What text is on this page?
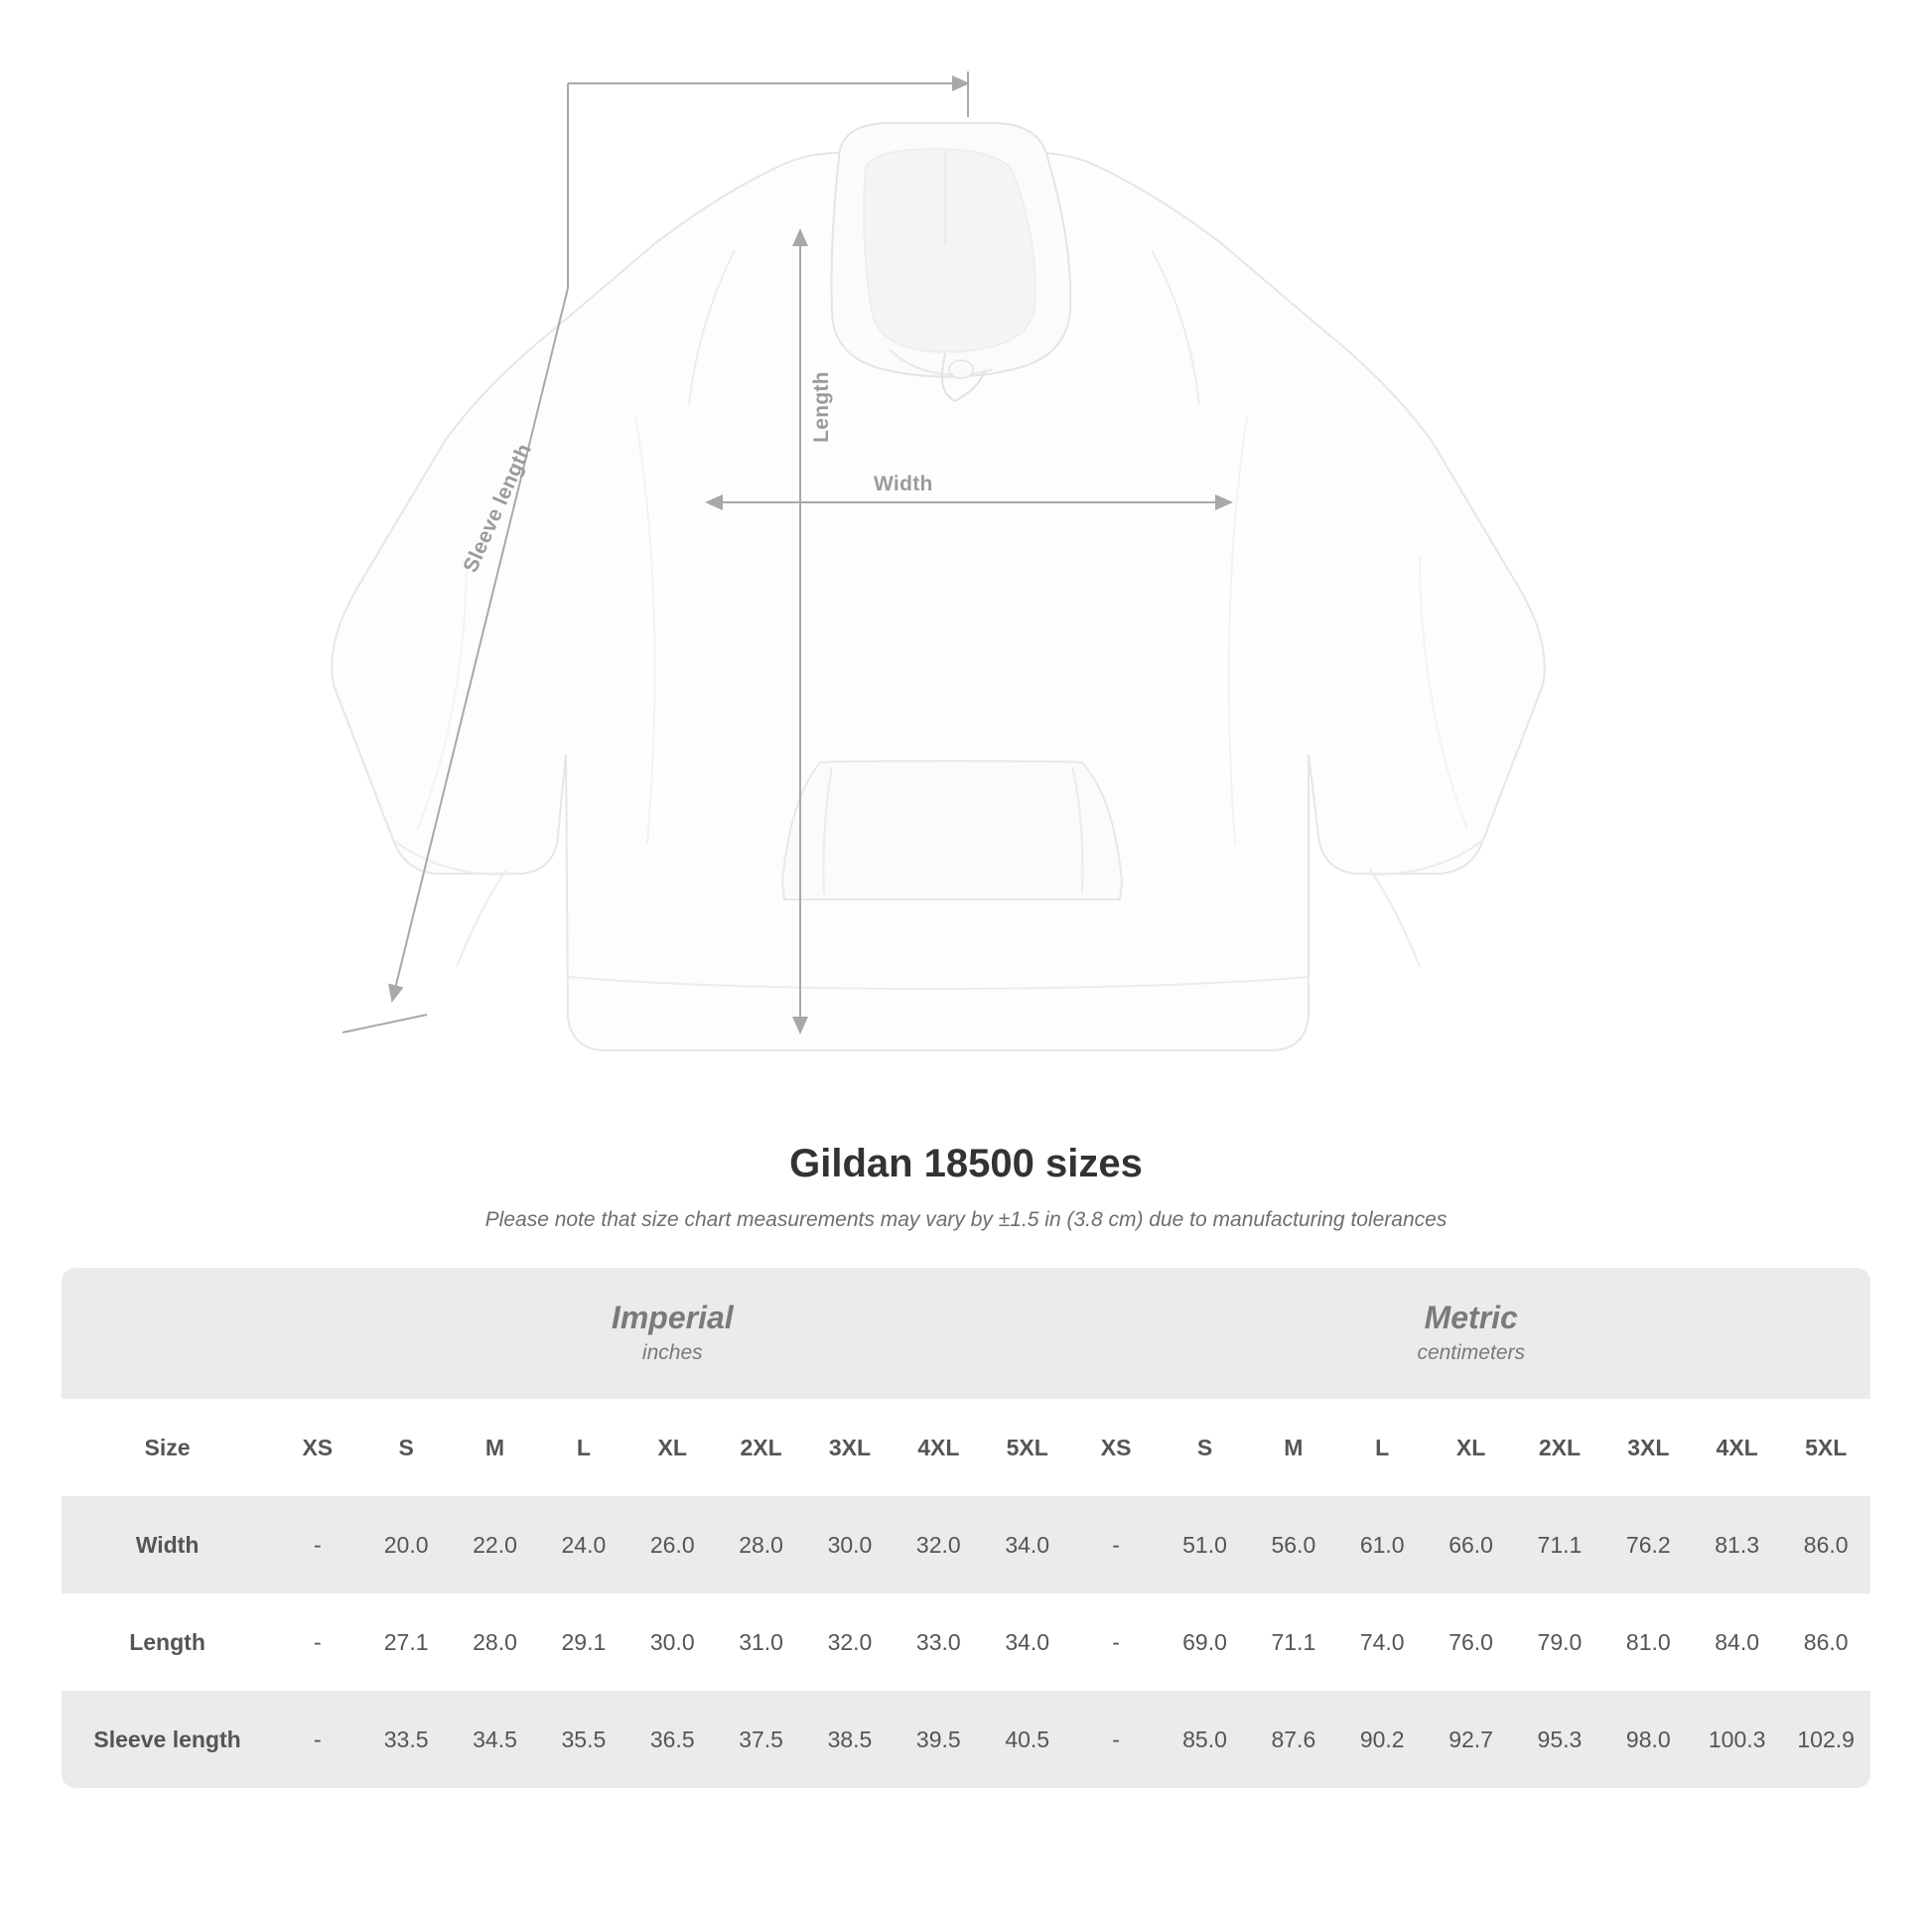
Sleeve length
Length
Width
Gildan 18500 sizes

Please note that size chart measurements may vary by ±1.5 in (3.8 cm) due to manufacturing tolerances

Imperial
inches

Metric
centimeters

Size	XS	S	M	L	XL	2XL	3XL	4XL	5XL	XS	S	M	L	XL	2XL	3XL	4XL	5XL
Width	-	20.0	22.0	24.0	26.0	28.0	30.0	32.0	34.0	-	51.0	56.0	61.0	66.0	71.1	76.2	81.3	86.0
Length	-	27.1	28.0	29.1	30.0	31.0	32.0	33.0	34.0	-	69.0	71.1	74.0	76.0	79.0	81.0	84.0	86.0
Sleeve length	-	33.5	34.5	35.5	36.5	37.5	38.5	39.5	40.5	-	85.0	87.6	90.2	92.7	95.3	98.0	100.3	102.9
